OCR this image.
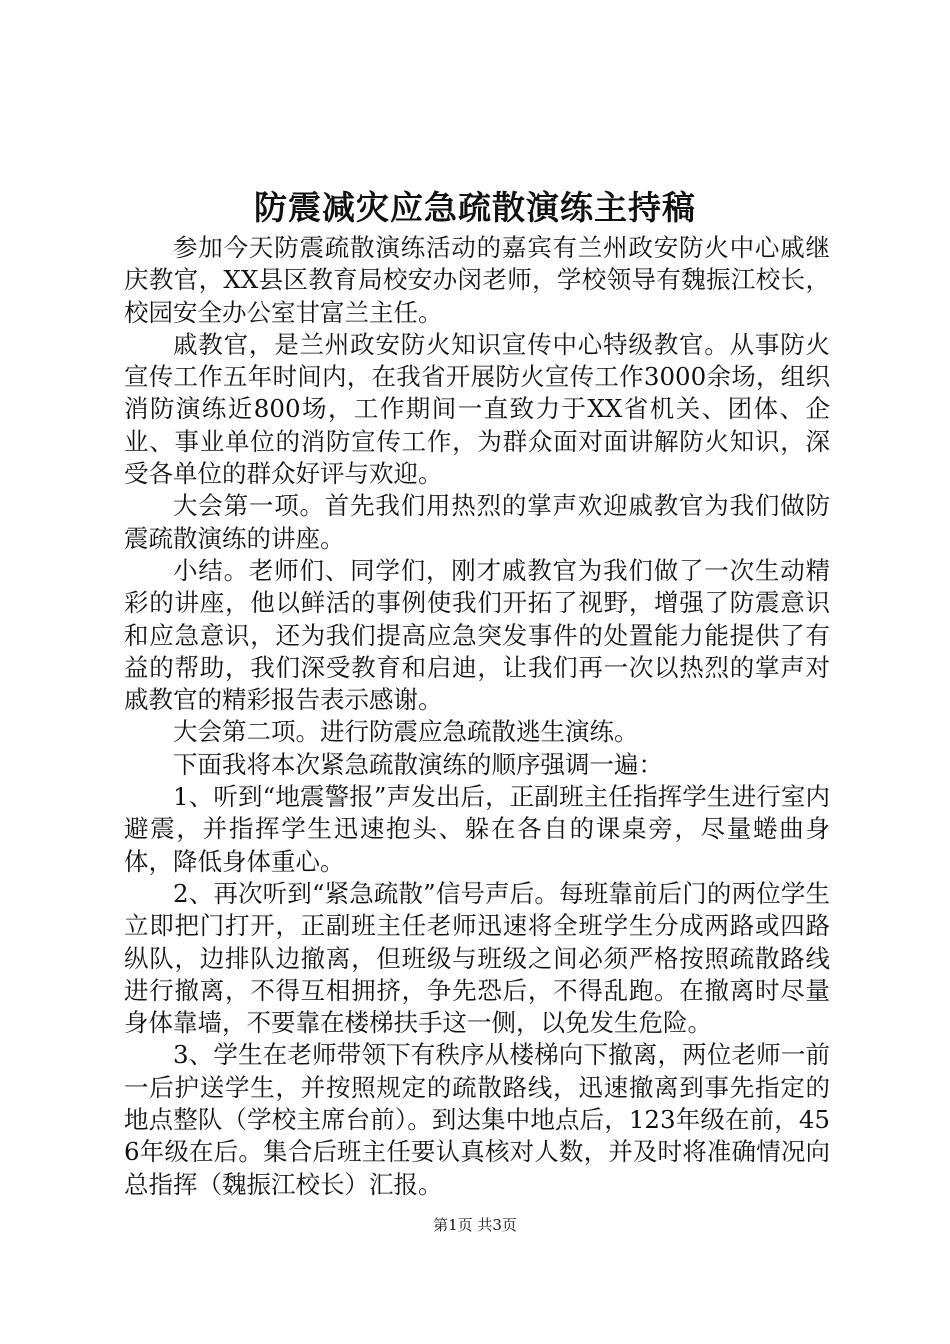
防震减灾应急疏散演练主持稿

参加今天防震疏散演练活动的嘉宾有兰州政安防火中心戚继庆教官，XX县区教育局校安办闵老师，学校领导有魏振江校长，校园安全办公室甘富兰主任。

戚教官，是兰州政安防火知识宣传中心特级教官。从事防火宣传工作五年时间内，在我省开展防火宣传工作3000余场，组织消防演练近800场，工作期间一直致力于XX省机关、团体、企业、事业单位的消防宣传工作，为群众面对面讲解防火知识，深受各单位的群众好评与欢迎。

大会第一项。首先我们用热烈的掌声欢迎戚教官为我们做防震疏散演练的讲座。

小结。老师们、同学们，刚才戚教官为我们做了一次生动精彩的讲座，他以鲜活的事例使我们开拓了视野，增强了防震意识和应急意识，还为我们提高应急突发事件的处置能力能提供了有益的帮助，我们深受教育和启迪，让我们再一次以热烈的掌声对戚教官的精彩报告表示感谢。

大会第二项。进行防震应急疏散逃生演练。

下面我将本次紧急疏散演练的顺序强调一遍：

1、听到“地震警报”声发出后，正副班主任指挥学生进行室内避震，并指挥学生迅速抱头、躲在各自的课桌旁，尽量蜷曲身体，降低身体重心。

2、再次听到“紧急疏散”信号声后。每班靠前后门的两位学生立即把门打开，正副班主任老师迅速将全班学生分成两路或四路纵队，边排队边撤离，但班级与班级之间必须严格按照疏散路线进行撤离，不得互相拥挤，争先恐后，不得乱跑。在撤离时尽量身体靠墙，不要靠在楼梯扶手这一侧，以免发生危险。

3、学生在老师带领下有秩序从楼梯向下撤离，两位老师一前一后护送学生，并按照规定的疏散路线，迅速撤离到事先指定的地点整队（学校主席台前）。到达集中地点后，123年级在前，456年级在后。集合后班主任要认真核对人数，并及时将准确情况向总指挥（魏振江校长）汇报。

第1页 共3页
